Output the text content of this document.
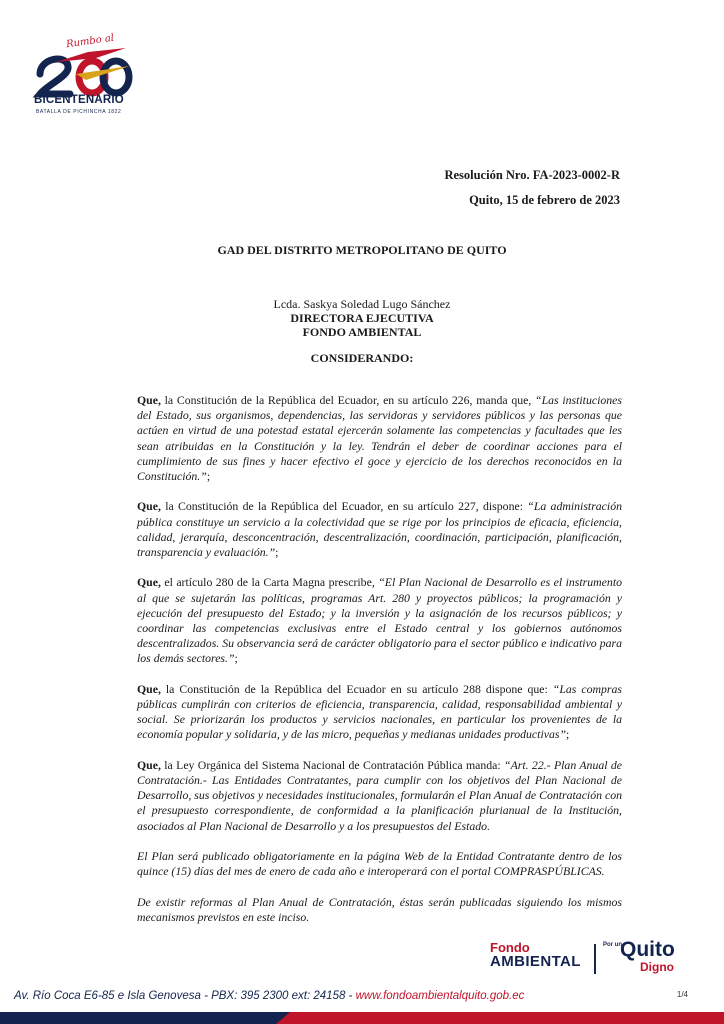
Rumbo al
BICENTENARIO
BATALLA DE PICHINCHA 1822
Resolución Nro. FA-2023-0002-R
Quito, 15 de febrero de 2023
GAD DEL DISTRITO METROPOLITANO DE QUITO
Lcda. Saskya Soledad Lugo Sánchez
DIRECTORA EJECUTIVA
FONDO AMBIENTAL
CONSIDERANDO:

Que, la Constitución de la República del Ecuador, en su artículo 226, manda que, “Las instituciones del Estado, sus organismos, dependencias, las servidoras y servidores públicos y las personas que actúen en virtud de una potestad estatal ejercerán solamente las competencias y facultades que les sean atribuidas en la Constitución y la ley. Tendrán el deber de coordinar acciones para el cumplimiento de sus fines y hacer efectivo el goce y ejercicio de los derechos reconocidos en la Constitución.”;

Que, la Constitución de la República del Ecuador, en su artículo 227, dispone: “La administración pública constituye un servicio a la colectividad que se rige por los principios de eficacia, eficiencia, calidad, jerarquía, desconcentración, descentralización, coordinación, participación, planificación, transparencia y evaluación.”;

Que, el artículo 280 de la Carta Magna prescribe, “El Plan Nacional de Desarrollo es el instrumento al que se sujetarán las políticas, programas Art. 280 y proyectos públicos; la programación y ejecución del presupuesto del Estado; y la inversión y la asignación de los recursos públicos; y coordinar las competencias exclusivas entre el Estado central y los gobiernos autónomos descentralizados. Su observancia será de carácter obligatorio para el sector público e indicativo para los demás sectores.”;

Que, la Constitución de la República del Ecuador en su artículo 288 dispone que: “Las compras públicas cumplirán con criterios de eficiencia, transparencia, calidad, responsabilidad ambiental y social. Se priorizarán los productos y servicios nacionales, en particular los provenientes de la economía popular y solidaria, y de las micro, pequeñas y medianas unidades productivas”;

Que, la Ley Orgánica del Sistema Nacional de Contratación Pública manda: “Art. 22.- Plan Anual de Contratación.- Las Entidades Contratantes, para cumplir con los objetivos del Plan Nacional de Desarrollo, sus objetivos y necesidades institucionales, formularán el Plan Anual de Contratación con el presupuesto correspondiente, de conformidad a la planificación plurianual de la Institución, asociados al Plan Nacional de Desarrollo y a los presupuestos del Estado.

El Plan será publicado obligatoriamente en la página Web de la Entidad Contratante dentro de los quince (15) días del mes de enero de cada año e interoperará con el portal COMPRASPÚBLICAS.

De existir reformas al Plan Anual de Contratación, éstas serán publicadas siguiendo los mismos mecanismos previstos en este inciso.

Fondo
AMBIENTAL
Por un
Quito
Digno
Av. Río Coca E6-85 e Isla Genovesa - PBX: 395 2300 ext: 24158 - www.fondoambientalquito.gob.ec	1/4
